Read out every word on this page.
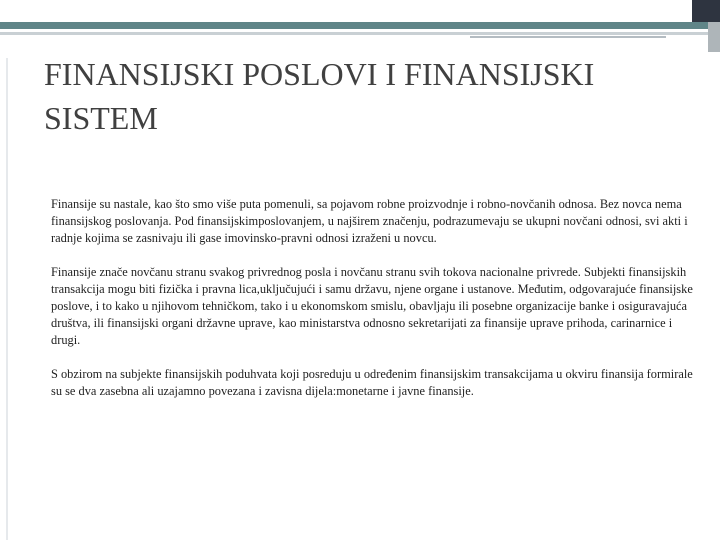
FINANSIJSKI POSLOVI I FINANSIJSKI
SISTEM

Finansije su nastale, kao što smo više puta pomenuli, sa pojavom robne proizvodnje i robno-novčanih odnosa. Bez novca nema finansijskog poslovanja. Pod finansijskimposlovanjem, u najširem značenju, podrazumevaju se ukupni novčani odnosi, svi akti i radnje kojima se zasnivaju ili gase imovinsko-pravni odnosi izraženi u novcu.

Finansije znače novčanu stranu svakog privrednog posla i novčanu stranu svih tokova nacionalne privrede. Subjekti finansijskih transakcija mogu biti fizička i pravna lica,uključujući i samu državu, njene organe i ustanove. Međutim, odgovarajuće finansijske poslove, i to kako u njihovom tehničkom, tako i u ekonomskom smislu, obavljaju ili posebne organizacije banke i osiguravajuća društva, ili finansijski organi državne uprave, kao ministarstva odnosno sekretarijati za finansije uprave prihoda, carinarnice i drugi.

S obzirom na subjekte finansijskih poduhvata koji posreduju u određenim finansijskim transakcijama u okviru finansija formirale su se dva zasebna ali uzajamno povezana i zavisna dijela:monetarne i javne finansije.
